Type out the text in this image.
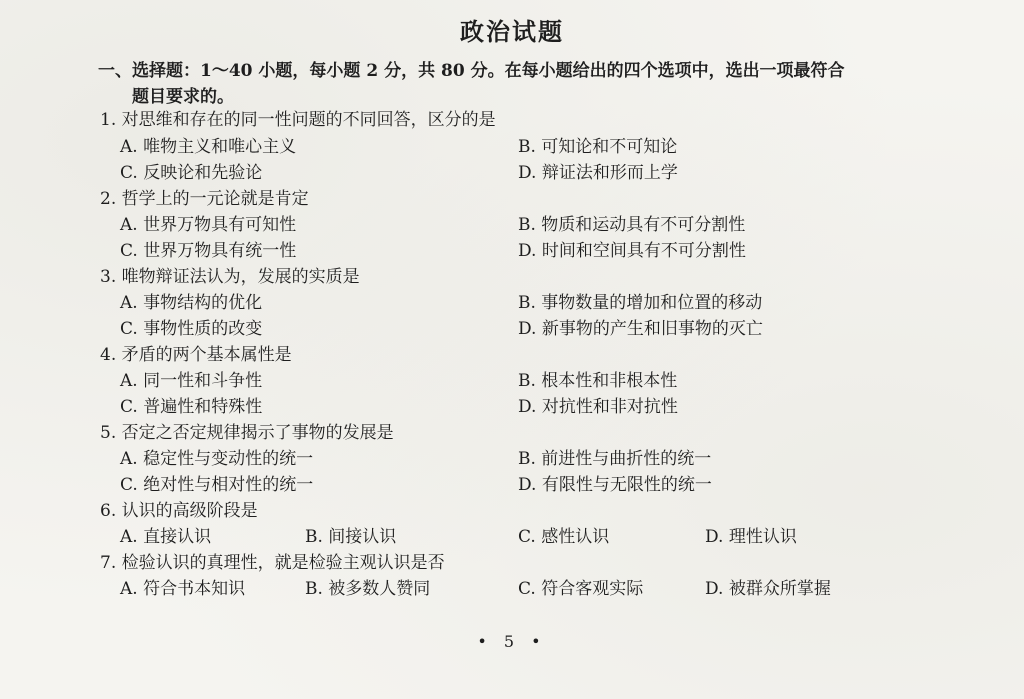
政治试题
一、选择题：1～40 小题，每小题 2 分，共 80 分。在每小题给出的四个选项中，选出一项最符合
题目要求的。
1. 对思维和存在的同一性问题的不同回答，区分的是
A. 唯物主义和唯心主义	B. 可知论和不可知论
C. 反映论和先验论	D. 辩证法和形而上学
2. 哲学上的一元论就是肯定
A. 世界万物具有可知性	B. 物质和运动具有不可分割性
C. 世界万物具有统一性	D. 时间和空间具有不可分割性
3. 唯物辩证法认为，发展的实质是
A. 事物结构的优化	B. 事物数量的增加和位置的移动
C. 事物性质的改变	D. 新事物的产生和旧事物的灭亡
4. 矛盾的两个基本属性是
A. 同一性和斗争性	B. 根本性和非根本性
C. 普遍性和特殊性	D. 对抗性和非对抗性
5. 否定之否定规律揭示了事物的发展是
A. 稳定性与变动性的统一	B. 前进性与曲折性的统一
C. 绝对性与相对性的统一	D. 有限性与无限性的统一
6. 认识的高级阶段是
A. 直接认识	B. 间接认识	C. 感性认识	D. 理性认识
7. 检验认识的真理性，就是检验主观认识是否
A. 符合书本知识	B. 被多数人赞同	C. 符合客观实际	D. 被群众所掌握
• 5 •
